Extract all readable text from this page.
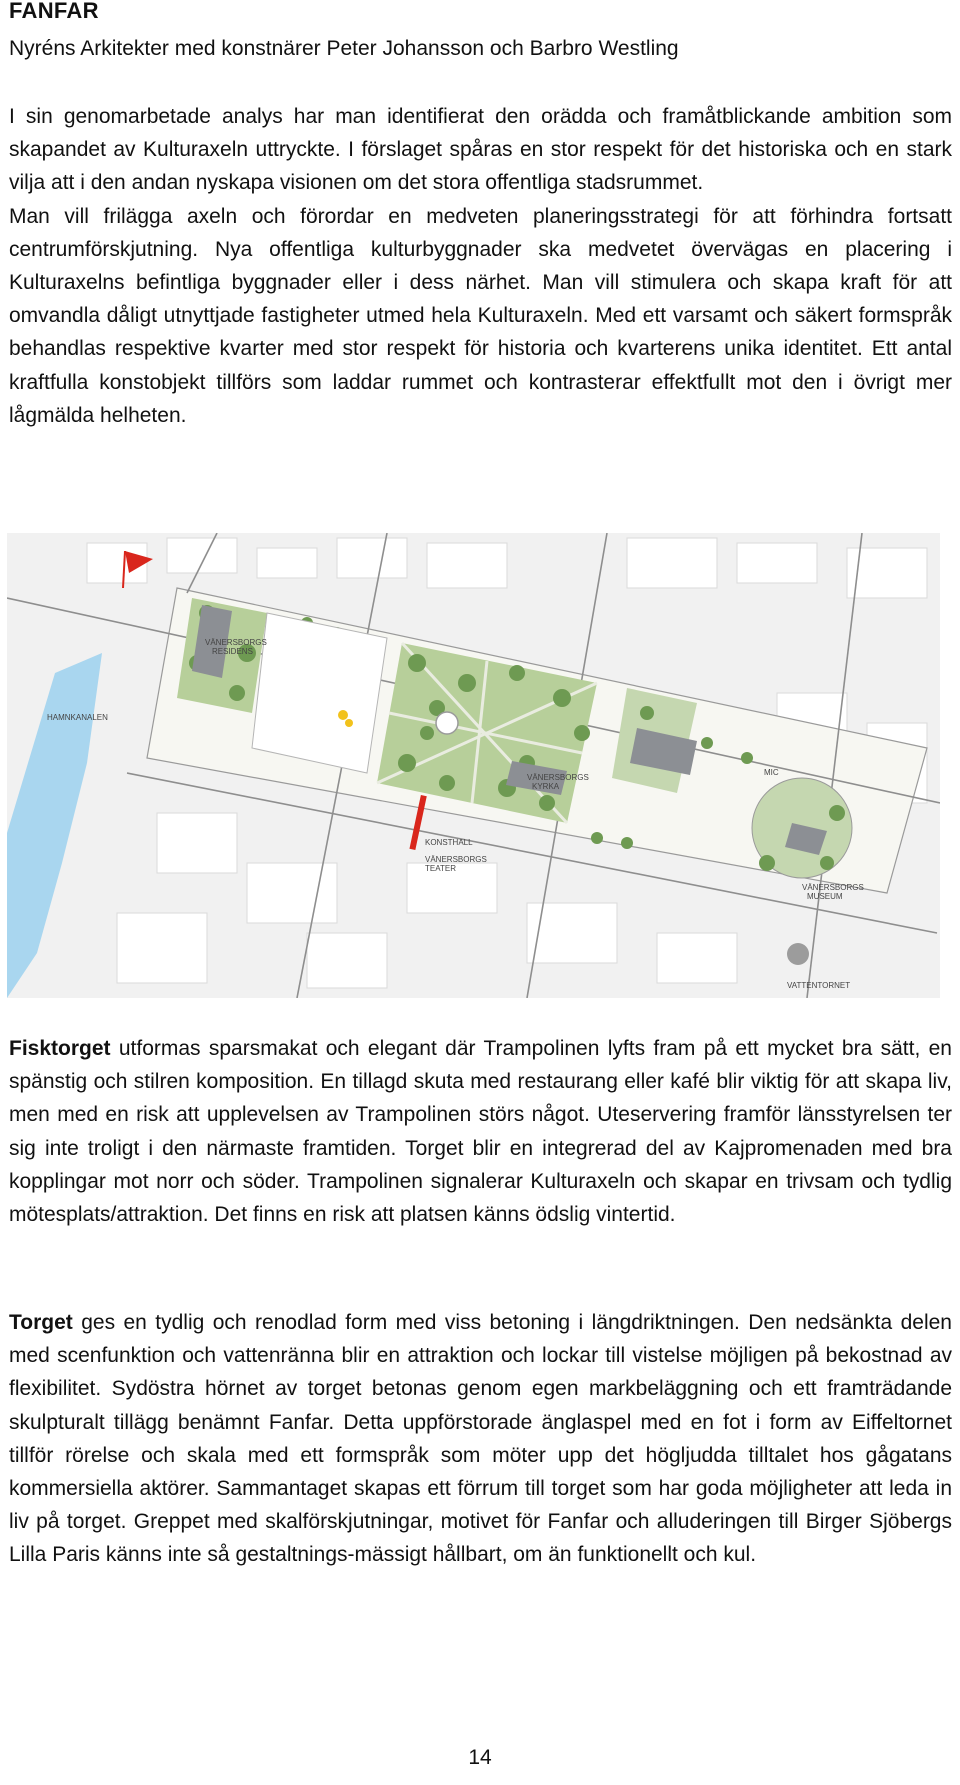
FANFAR
Nyréns Arkitekter med konstnärer Peter Johansson och Barbro Westling
I sin genomarbetade analys har man identifierat den orädda och framåtblickande ambition som skapandet av Kulturaxeln uttryckte. I förslaget spåras en stor respekt för det historiska och en stark vilja att i den andan nyskapa visionen om det stora offentliga stadsrummet.
Man vill frilägga axeln och förordar en medveten planeringsstrategi för att förhindra fortsatt centrumförskjutning. Nya offentliga kulturbyggnader ska medvetet övervägas en placering i Kulturaxelns befintliga byggnader eller i dess närhet. Man vill stimulera och skapa kraft för att omvandla dåligt utnyttjade fastigheter utmed hela Kulturaxeln. Med ett varsamt och säkert formspråk behandlas respektive kvarter med stor respekt för historia och kvarterens unika identitet. Ett antal kraftfulla konstobjekt tillförs som laddar rummet och kontrasterar effektfullt mot den i övrigt mer lågmälda helheten.
VÄNERSBORGS
RESIDENS
HAMNKANALEN
VÄNERSBORGS
KYRKA
MIC
KONSTHALL
VÄNERSBORGS
TEATER
VÄNERSBORGS
MUSEUM
VATTENTORNET
Fisktorget utformas sparsmakat och elegant där Trampolinen lyfts fram på ett mycket bra sätt, en spänstig och stilren komposition. En tillagd skuta med restaurang eller kafé blir viktig för att skapa liv, men med en risk att upplevelsen av Trampolinen störs något. Uteservering framför länsstyrelsen ter sig inte troligt i den närmaste framtiden. Torget blir en integrerad del av Kajpromenaden med bra kopplingar mot norr och söder. Trampolinen signalerar Kulturaxeln och skapar en trivsam och tydlig mötesplats/attraktion. Det finns en risk att platsen känns ödslig vintertid.
Torget ges en tydlig och renodlad form med viss betoning i längdriktningen. Den nedsänkta delen med scenfunktion och vattenränna blir en attraktion och lockar till vistelse möjligen på bekostnad av flexibilitet. Sydöstra hörnet av torget betonas genom egen markbeläggning och ett framträdande skulpturalt tillägg benämnt Fanfar. Detta uppförstorade änglaspel med en fot i form av Eiffeltornet tillför rörelse och skala med ett formspråk som möter upp det högljudda tilltalet hos gågatans kommersiella aktörer. Sammantaget skapas ett förrum till torget som har goda möjligheter att leda in liv på torget. Greppet med skalförskjutningar, motivet för Fanfar och alluderingen till Birger Sjöbergs Lilla Paris känns inte så gestaltnings-mässigt hållbart, om än funktionellt och kul.
14
